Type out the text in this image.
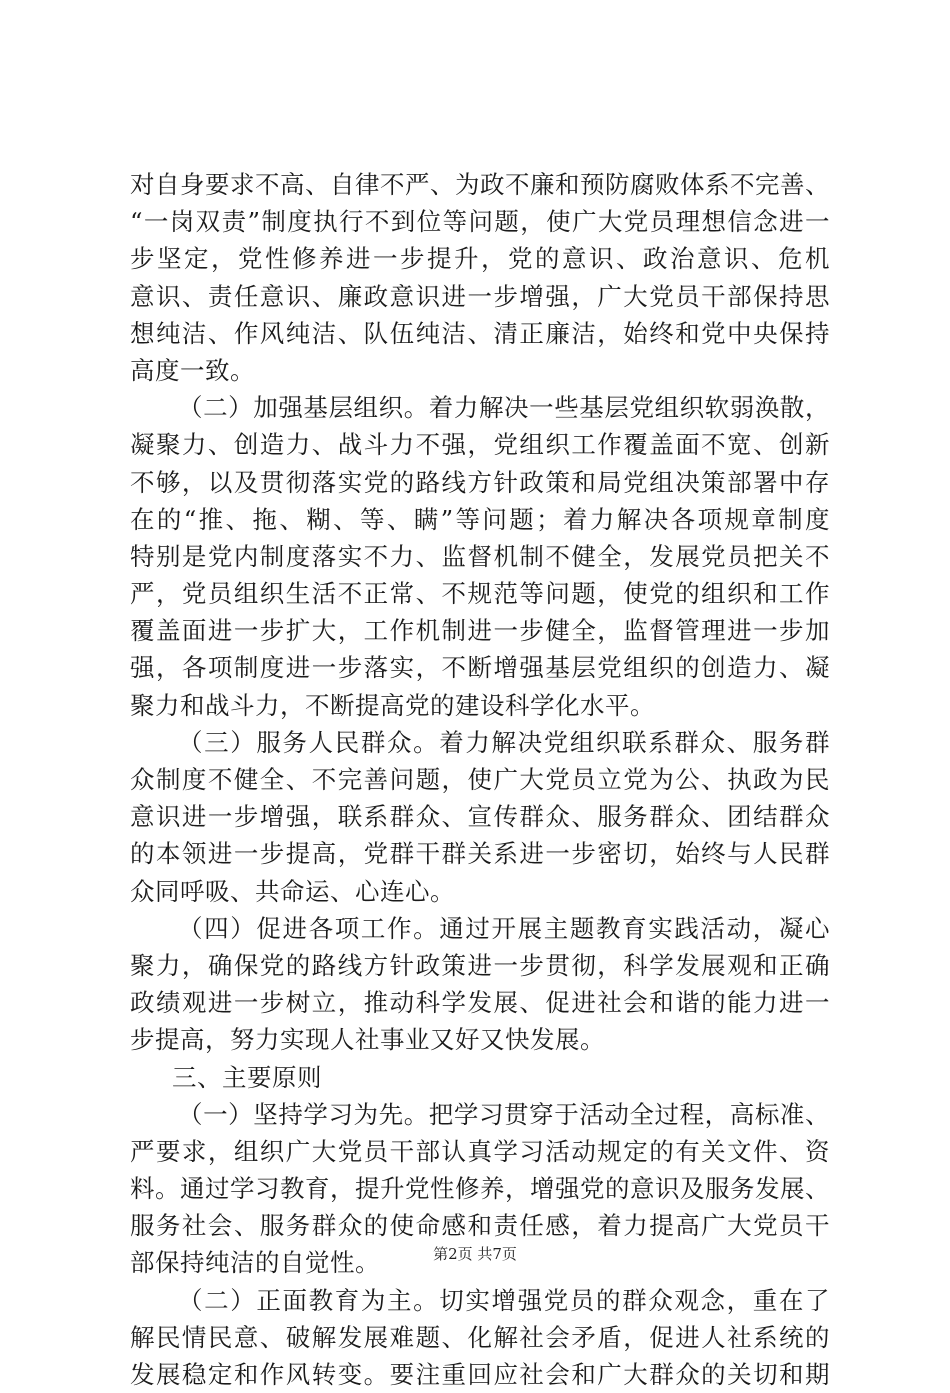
对自身要求不高、自律不严、为政不廉和预防腐败体系不完善、
“一岗双责”制度执行不到位等问题，使广大党员理想信念进一
步坚定，党性修养进一步提升，党的意识、政治意识、危机
意识、责任意识、廉政意识进一步增强，广大党员干部保持思
想纯洁、作风纯洁、队伍纯洁、清正廉洁，始终和党中央保持
高度一致。
（二）加强基层组织。着力解决一些基层党组织软弱涣散，
凝聚力、创造力、战斗力不强，党组织工作覆盖面不宽、创新
不够，以及贯彻落实党的路线方针政策和局党组决策部署中存
在的“推、拖、糊、等、瞒”等问题；着力解决各项规章制度
特别是党内制度落实不力、监督机制不健全，发展党员把关不
严，党员组织生活不正常、不规范等问题，使党的组织和工作
覆盖面进一步扩大，工作机制进一步健全，监督管理进一步加
强，各项制度进一步落实，不断增强基层党组织的创造力、凝
聚力和战斗力，不断提高党的建设科学化水平。
（三）服务人民群众。着力解决党组织联系群众、服务群
众制度不健全、不完善问题，使广大党员立党为公、执政为民
意识进一步增强，联系群众、宣传群众、服务群众、团结群众
的本领进一步提高，党群干群关系进一步密切，始终与人民群
众同呼吸、共命运、心连心。
（四）促进各项工作。通过开展主题教育实践活动，凝心
聚力，确保党的路线方针政策进一步贯彻，科学发展观和正确
政绩观进一步树立，推动科学发展、促进社会和谐的能力进一
步提高，努力实现人社事业又好又快发展。
三、主要原则
（一）坚持学习为先。把学习贯穿于活动全过程，高标准、
严要求，组织广大党员干部认真学习活动规定的有关文件、资
料。通过学习教育，提升党性修养，增强党的意识及服务发展、
服务社会、服务群众的使命感和责任感，着力提高广大党员干
部保持纯洁的自觉性。
（二）正面教育为主。切实增强党员的群众观念，重在了
解民情民意、破解发展难题、化解社会矛盾，促进人社系统的
发展稳定和作风转变。要注重回应社会和广大群众的关切和期
第2页 共7页
